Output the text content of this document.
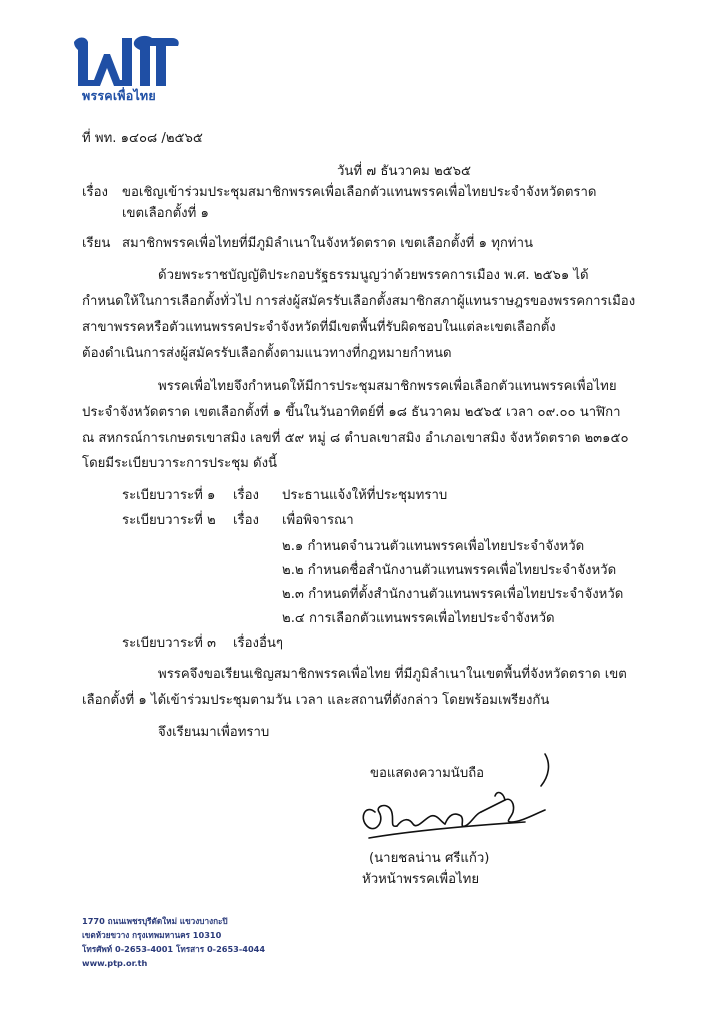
พรรคเพื่อไทย
ที่ พท. ๑๔๐๘ /๒๕๖๕
วันที่ ๗ ธันวาคม ๒๕๖๕
เรื่อง ขอเชิญเข้าร่วมประชุมสมาชิกพรรคเพื่อเลือกตัวแทนพรรคเพื่อไทยประจำจังหวัดตราด
เขตเลือกตั้งที่ ๑
เรียน สมาชิกพรรคเพื่อไทยที่มีภูมิลำเนาในจังหวัดตราด เขตเลือกตั้งที่ ๑ ทุกท่าน
ด้วยพระราชบัญญัติประกอบรัฐธรรมนูญว่าด้วยพรรคการเมือง พ.ศ. ๒๕๖๑ ได้
กำหนดให้ในการเลือกตั้งทั่วไป การส่งผู้สมัครรับเลือกตั้งสมาชิกสภาผู้แทนราษฎรของพรรคการเมือง
สาขาพรรคหรือตัวแทนพรรคประจำจังหวัดที่มีเขตพื้นที่รับผิดชอบในแต่ละเขตเลือกตั้ง
ต้องดำเนินการส่งผู้สมัครรับเลือกตั้งตามแนวทางที่กฎหมายกำหนด
พรรคเพื่อไทยจึงกำหนดให้มีการประชุมสมาชิกพรรคเพื่อเลือกตัวแทนพรรคเพื่อไทย
ประจำจังหวัดตราด เขตเลือกตั้งที่ ๑ ขึ้นในวันอาทิตย์ที่ ๑๘ ธันวาคม ๒๕๖๕ เวลา ๐๙.๐๐ นาฬิกา
ณ สหกรณ์การเกษตรเขาสมิง เลขที่ ๕๙ หมู่ ๘ ตำบลเขาสมิง อำเภอเขาสมิง จังหวัดตราด ๒๓๑๕๐
โดยมีระเบียบวาระการประชุม ดังนี้
ระเบียบวาระที่ ๑ เรื่อง ประธานแจ้งให้ที่ประชุมทราบ
ระเบียบวาระที่ ๒ เรื่อง เพื่อพิจารณา
๒.๑ กำหนดจำนวนตัวแทนพรรคเพื่อไทยประจำจังหวัด
๒.๒ กำหนดชื่อสำนักงานตัวแทนพรรคเพื่อไทยประจำจังหวัด
๒.๓ กำหนดที่ตั้งสำนักงานตัวแทนพรรคเพื่อไทยประจำจังหวัด
๒.๔ การเลือกตัวแทนพรรคเพื่อไทยประจำจังหวัด
ระเบียบวาระที่ ๓ เรื่องอื่นๆ
พรรคจึงขอเรียนเชิญสมาชิกพรรคเพื่อไทย ที่มีภูมิลำเนาในเขตพื้นที่จังหวัดตราด เขต
เลือกตั้งที่ ๑ ได้เข้าร่วมประชุมตามวัน เวลา และสถานที่ดังกล่าว โดยพร้อมเพรียงกัน
จึงเรียนมาเพื่อทราบ
ขอแสดงความนับถือ
(นายชลน่าน ศรีแก้ว)
หัวหน้าพรรคเพื่อไทย
1770 ถนนเพชรบุรีตัดใหม่ แขวงบางกะปิ
เขตห้วยขวาง กรุงเทพมหานคร 10310
โทรศัพท์ 0-2653-4001 โทรสาร 0-2653-4044
www.ptp.or.th
